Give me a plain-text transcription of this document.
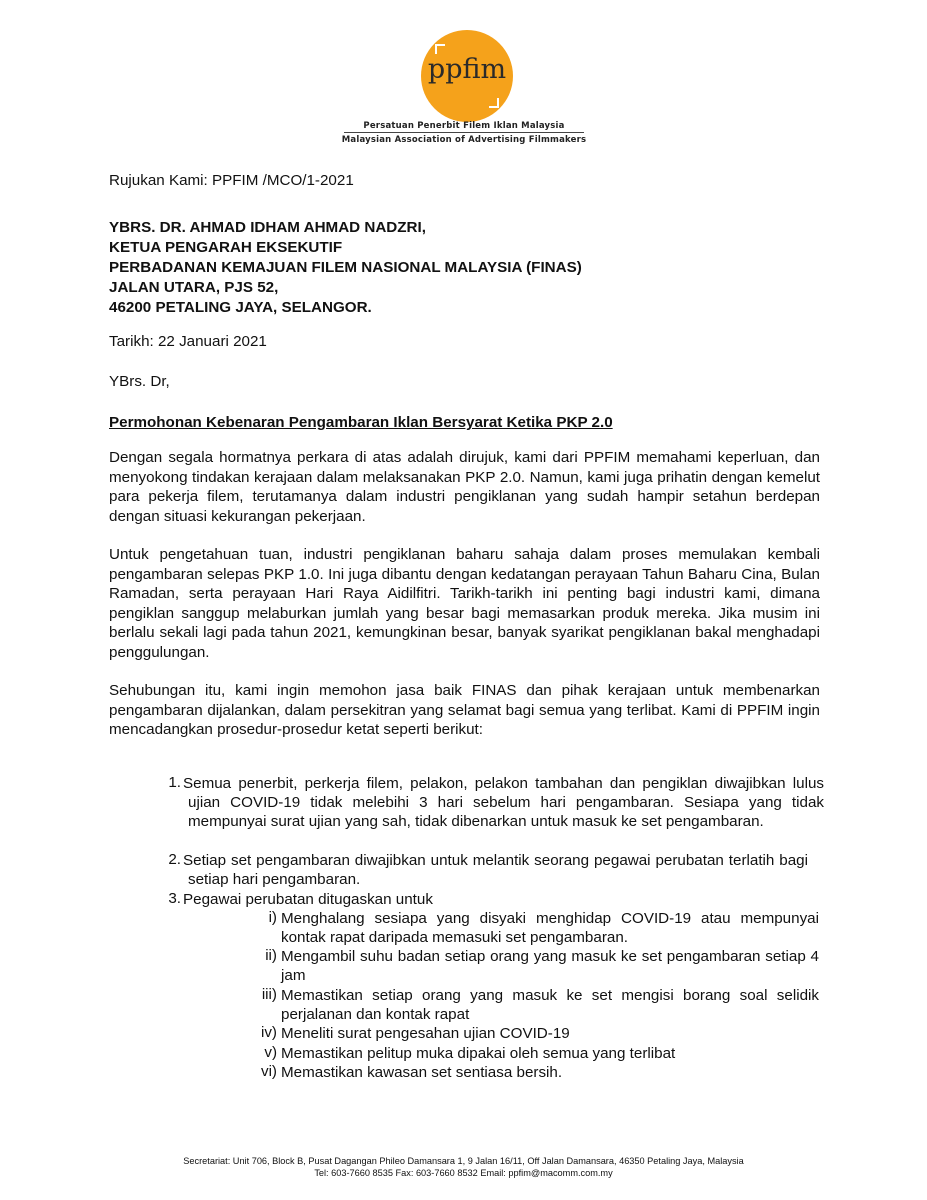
ppfim
Persatuan Penerbit Filem Iklan Malaysia
Malaysian Association of Advertising Filmmakers
Rujukan Kami: PPFIM /MCO/1-2021
YBRS. DR. AHMAD IDHAM AHMAD NADZRI,
KETUA PENGARAH EKSEKUTIF
PERBADANAN KEMAJUAN FILEM NASIONAL MALAYSIA (FINAS)
JALAN UTARA, PJS 52,
46200 PETALING JAYA, SELANGOR.
Tarikh: 22 Januari 2021
YBrs. Dr,
Permohonan Kebenaran Pengambaran Iklan Bersyarat Ketika PKP 2.0

Dengan segala hormatnya perkara di atas adalah dirujuk, kami dari PPFIM memahami keperluan, dan menyokong tindakan kerajaan dalam melaksanakan PKP 2.0. Namun, kami juga prihatin dengan kemelut para pekerja filem, terutamanya dalam industri pengiklanan yang sudah hampir setahun berdepan dengan situasi kekurangan pekerjaan.

Untuk pengetahuan tuan, industri pengiklanan baharu sahaja dalam proses memulakan kembali pengambaran selepas PKP 1.0. Ini juga dibantu dengan kedatangan perayaan Tahun Baharu Cina, Bulan Ramadan, serta perayaan Hari Raya Aidilfitri. Tarikh-tarikh ini penting bagi industri kami, dimana pengiklan sanggup melaburkan jumlah yang besar bagi memasarkan produk mereka. Jika musim ini berlalu sekali lagi pada tahun 2021, kemungkinan besar, banyak syarikat pengiklanan bakal menghadapi penggulungan.

Sehubungan itu, kami ingin memohon jasa baik FINAS dan pihak kerajaan untuk membenarkan pengambaran dijalankan, dalam persekitran yang selamat bagi semua yang terlibat. Kami di PPFIM ingin mencadangkan prosedur-prosedur ketat seperti berikut:

1. Semua penerbit, perkerja filem, pelakon, pelakon tambahan dan pengiklan diwajibkan lulus ujian COVID-19 tidak melebihi 3 hari sebelum hari pengambaran. Sesiapa yang tidak mempunyai surat ujian yang sah, tidak dibenarkan untuk masuk ke set pengambaran.

2. Setiap set pengambaran diwajibkan untuk melantik seorang pegawai perubatan terlatih bagi setiap hari pengambaran.

3. Pegawai perubatan ditugaskan untuk

i) Menghalang sesiapa yang disyaki menghidap COVID-19 atau mempunyai kontak rapat daripada memasuki set pengambaran.

ii) Mengambil suhu badan setiap orang yang masuk ke set pengambaran setiap 4 jam

iii) Memastikan setiap orang yang masuk ke set mengisi borang soal selidik perjalanan dan kontak rapat

iv) Meneliti surat pengesahan ujian COVID-19

v) Memastikan pelitup muka dipakai oleh semua yang terlibat

vi) Memastikan kawasan set sentiasa bersih.

Secretariat: Unit 706, Block B, Pusat Dagangan Phileo Damansara 1, 9 Jalan 16/11, Off Jalan Damansara, 46350 Petaling Jaya, Malaysia
Tel: 603-7660 8535 Fax: 603-7660 8532 Email: ppfim@macomm.com.my
